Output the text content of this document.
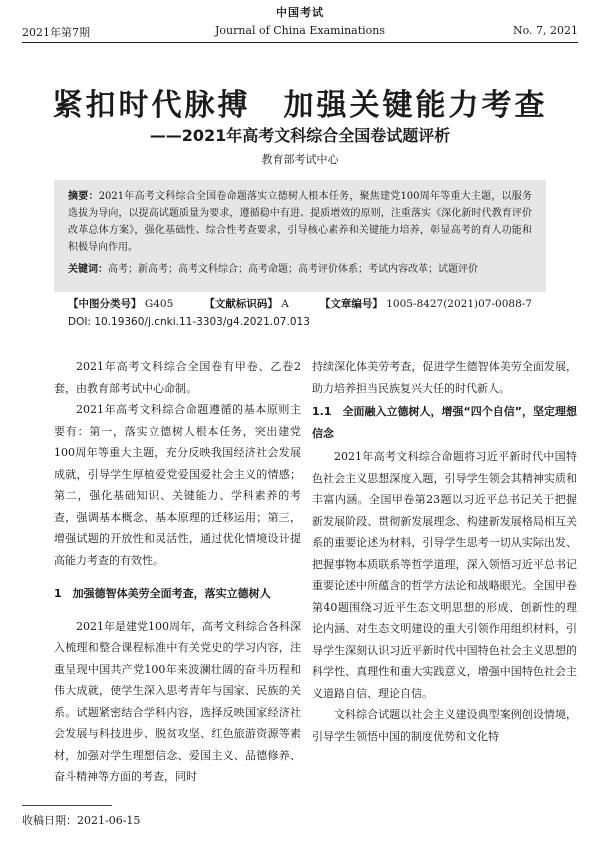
中国考试
2021年第7期	Journal of China Examinations	No. 7, 2021
紧扣时代脉搏　加强关键能力考查
——2021年高考文科综合全国卷试题评析
教育部考试中心

摘要：2021年高考文科综合全国卷命题落实立德树人根本任务，聚焦建党100周年等重大主题，以服务选拔为导向，以提高试题质量为要求，遵循稳中有进、提质增效的原则，注重落实《深化新时代教育评价改革总体方案》，强化基础性、综合性考查要求，引导核心素养和关键能力培养，彰显高考的育人功能和积极导向作用。

关键词：高考；新高考；高考文科综合；高考命题；高考评价体系；考试内容改革；试题评价

【中图分类号】 G405	【文献标识码】 A	【文章编号】 1005-8427(2021)07-0088-7
DOI: 10.19360/j.cnki.11-3303/g4.2021.07.013

2021年高考文科综合全国卷有甲卷、乙卷2套，由教育部考试中心命制。

2021年高考文科综合命题遵循的基本原则主要有：第一，落实立德树人根本任务，突出建党100周年等重大主题，充分反映我国经济社会发展成就，引导学生厚植爱党爱国爱社会主义的情感；第二，强化基础知识、关键能力、学科素养的考查，强调基本概念、基本原理的迁移运用；第三，增强试题的开放性和灵活性，通过优化情境设计提高能力考查的有效性。

1　加强德智体美劳全面考查，落实立德树人

2021年是建党100周年，高考文科综合各科深入梳理和整合课程标准中有关党史的学习内容，注重呈现中国共产党100年来波澜壮阔的奋斗历程和伟大成就，使学生深入思考青年与国家、民族的关系。试题紧密结合学科内容，选择反映国家经济社会发展与科技进步、脱贫攻坚、红色旅游资源等素材，加强对学生理想信念、爱国主义、品德修养、奋斗精神等方面的考查，同时

持续深化体美劳考查，促进学生德智体美劳全面发展，助力培养担当民族复兴大任的时代新人。

1.1　全面融入立德树人，增强“四个自信”，坚定理想信念

2021年高考文科综合命题将习近平新时代中国特色社会主义思想深度入题，引导学生领会其精神实质和丰富内涵。全国甲卷第23题以习近平总书记关于把握新发展阶段、贯彻新发展理念、构建新发展格局相互关系的重要论述为材料，引导学生思考一切从实际出发、把握事物本质联系等哲学道理，深入领悟习近平总书记重要论述中所蕴含的哲学方法论和战略眼光。全国甲卷第40题围绕习近平生态文明思想的形成、创新性的理论内涵、对生态文明建设的重大引领作用组织材料，引导学生深刻认识习近平新时代中国特色社会主义思想的科学性、真理性和重大实践意义，增强中国特色社会主义道路自信、理论自信。

文科综合试题以社会主义建设典型案例创设情境，引导学生领悟中国的制度优势和文化特

收稿日期：2021-06-15
